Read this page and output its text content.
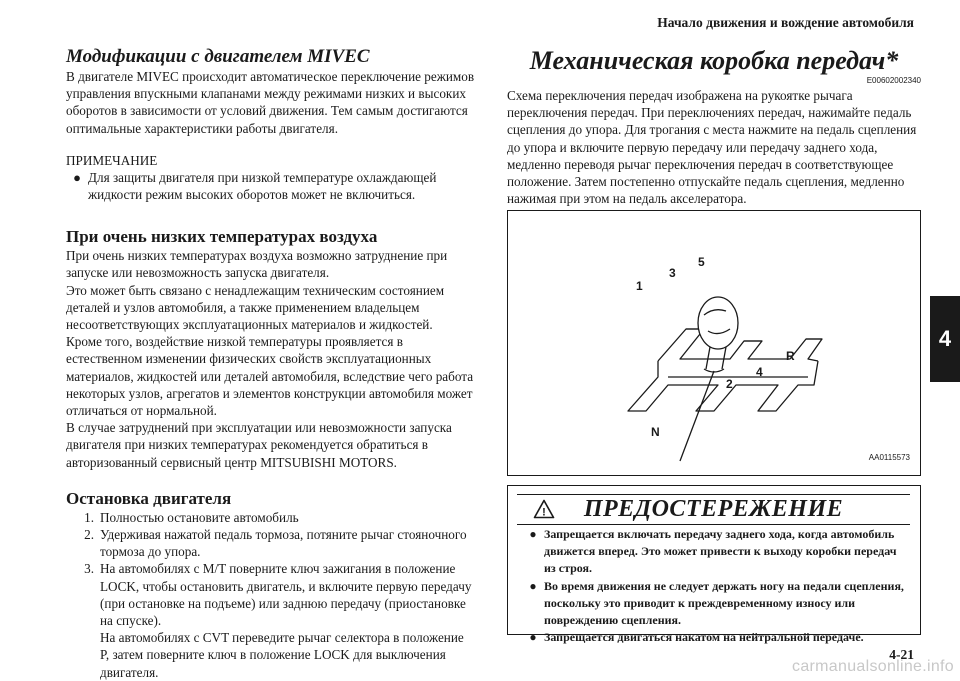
Начало движения и вождение автомобиля
4
Модификации с двигателем MIVEC

В двигателе MIVEC происходит автоматическое переключение режимов управления впускными клапанами между режимами низких и высоких оборотов в зависимости от условий движения. Тем самым достигаются оптимальные характеристики работы двигателя.

ПРИМЕЧАНИЕ

● Для защиты двигателя при низкой температуре охлаждающей жидкости режим высоких оборотов может не включиться.
При очень низких температурах воздуха

При очень низких температурах воздуха возможно затруднение при запуске или невозможность запуска двигателя.

Это может быть связано с ненадлежащим техническим состоянием деталей и узлов автомобиля, а также применением владельцем несоответствующих эксплуатационных материалов и жидкостей.

Кроме того, воздействие низкой температуры проявляется в естественном изменении физических свойств эксплуатационных материалов, жидкостей или деталей автомобиля, вследствие чего работа некоторых узлов, агрегатов и элементов конструкции автомобиля может отличаться от нормальной.

В случае затруднений при эксплуатации или невозможности запуска двигателя при низких температурах рекомендуется обратиться в авторизованный сервисный центр MITSUBISHI MOTORS.

Остановка двигателя
1. Полностью остановите автомобиль
2. Удерживая нажатой педаль тормоза, потяните рычаг стояночного тормоза до упора.
3. На автомобилях с M/T поверните ключ зажигания в положение LOCK, чтобы остановить двигатель, и включите первую передачу (при остановке на подъеме) или заднюю передачу (приостановке на спуске).
На автомобилях с CVT переведите рычаг селектора в положение P, затем поверните ключ в положение LOCK для выключения двигателя.
Механическая коробка передач*
E00602002340

Схема переключения передач изображена на рукоятке рычага переключения передач. При переключениях передач, нажимайте педаль сцепления до упора. Для трогания с места нажмите на педаль сцепления до упора и включите первую передачу или передачу заднего хода, медленно переводя рычаг переключения передач в соответствующее положение. Затем постепенно отпускайте педаль сцепления, медленно нажимая при этом на педаль акселератора.

1
3
5
R
4
2
N
AA0115573
! ПРЕДОСТЕРЕЖЕНИЕ
● Запрещается включать передачу заднего хода, когда автомобиль движется вперед. Это может привести к выходу коробки передач из строя.
● Во время движения не следует держать ногу на педали сцепления, поскольку это приводит к преждевременному износу или повреждению сцепления.
● Запрещается двигаться накатом на нейтральной передаче.
4-21
carmanualsonline.info
